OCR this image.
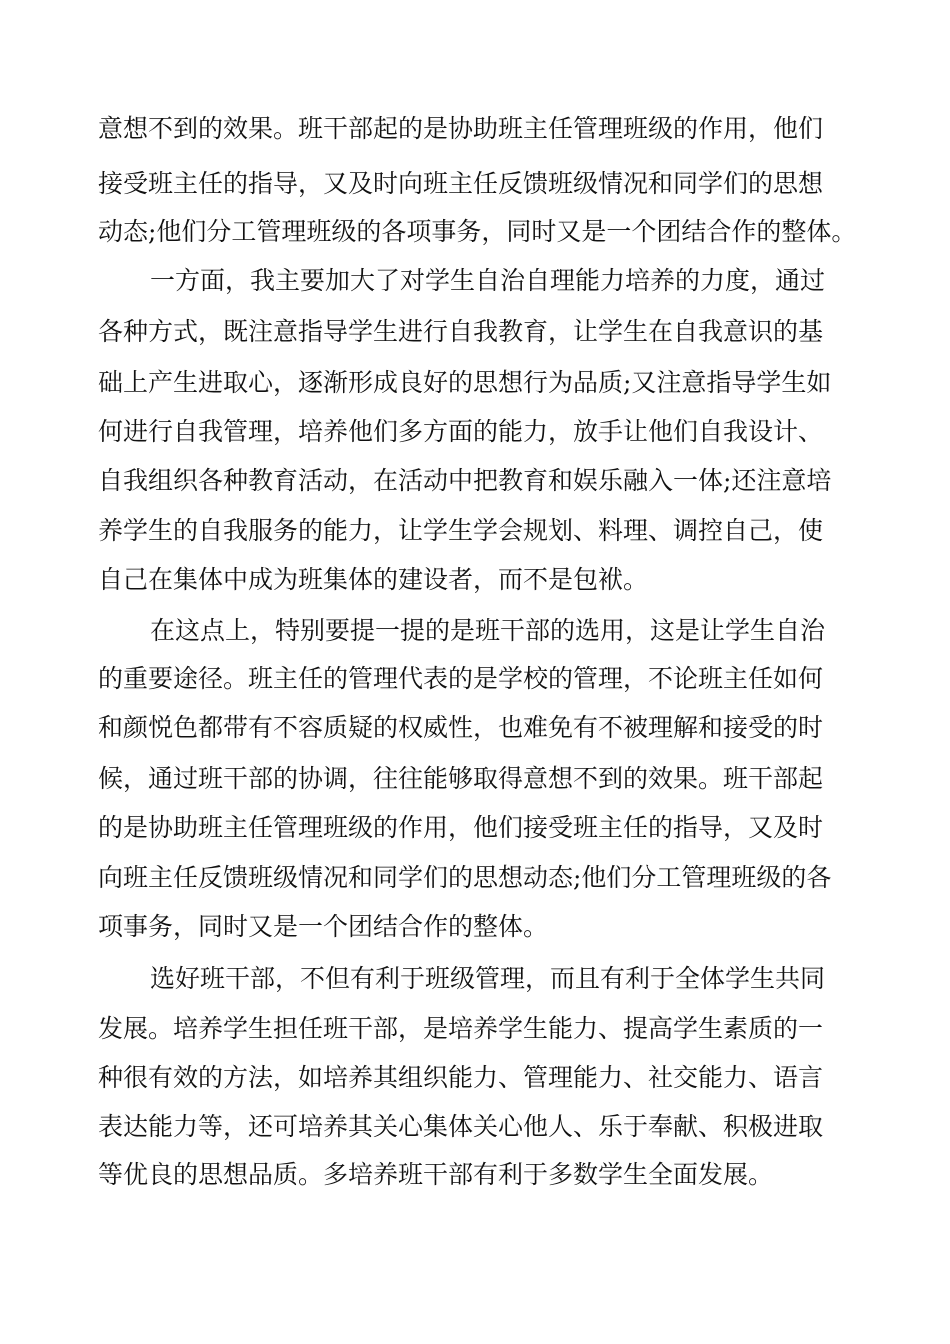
意想不到的效果。班干部起的是协助班主任管理班级的作用，他们
接受班主任的指导，又及时向班主任反馈班级情况和同学们的思想
动态;他们分工管理班级的各项事务，同时又是一个团结合作的整体。
一方面，我主要加大了对学生自治自理能力培养的力度，通过
各种方式，既注意指导学生进行自我教育，让学生在自我意识的基
础上产生进取心，逐渐形成良好的思想行为品质;又注意指导学生如
何进行自我管理，培养他们多方面的能力，放手让他们自我设计、
自我组织各种教育活动，在活动中把教育和娱乐融入一体;还注意培
养学生的自我服务的能力，让学生学会规划、料理、调控自己，使
自己在集体中成为班集体的建设者，而不是包袱。
在这点上，特别要提一提的是班干部的选用，这是让学生自治
的重要途径。班主任的管理代表的是学校的管理，不论班主任如何
和颜悦色都带有不容质疑的权威性，也难免有不被理解和接受的时
候，通过班干部的协调，往往能够取得意想不到的效果。班干部起
的是协助班主任管理班级的作用，他们接受班主任的指导，又及时
向班主任反馈班级情况和同学们的思想动态;他们分工管理班级的各
项事务，同时又是一个团结合作的整体。
选好班干部，不但有利于班级管理，而且有利于全体学生共同
发展。培养学生担任班干部，是培养学生能力、提高学生素质的一
种很有效的方法，如培养其组织能力、管理能力、社交能力、语言
表达能力等，还可培养其关心集体关心他人、乐于奉献、积极进取
等优良的思想品质。多培养班干部有利于多数学生全面发展。
